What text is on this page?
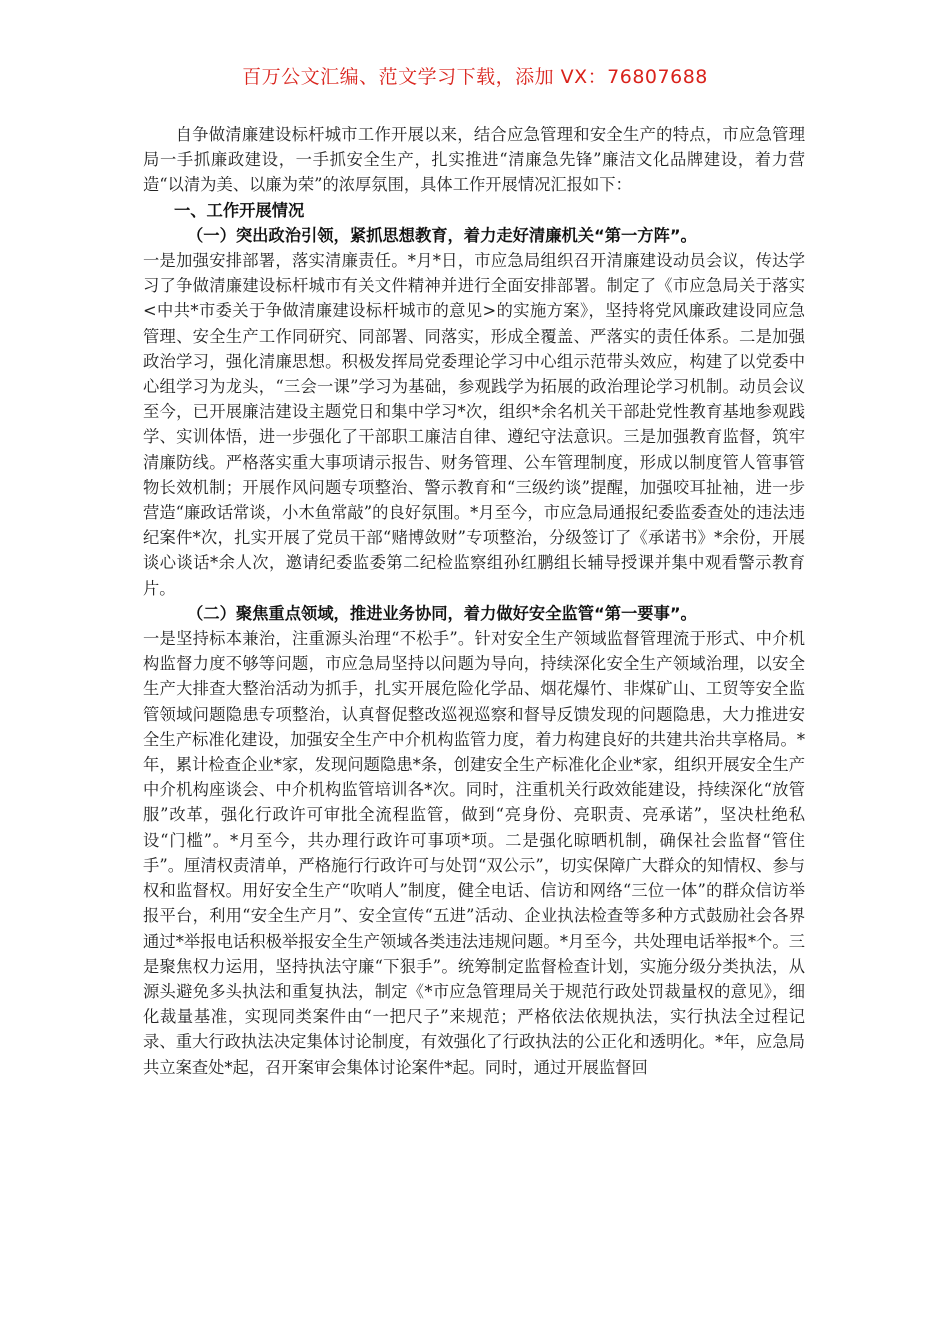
百万公文汇编、范文学习下载，添加 VX：76807688

自争做清廉建设标杆城市工作开展以来，结合应急管理和安全生产的特点，市应急管理局一手抓廉政建设，一手抓安全生产，扎实推进“清廉急先锋”廉洁文化品牌建设，着力营造“以清为美、以廉为荣”的浓厚氛围，具体工作开展情况汇报如下：

一、工作开展情况

（一）突出政治引领，紧抓思想教育，着力走好清廉机关“第一方阵”。

一是加强安排部署，落实清廉责任。*月*日，市应急局组织召开清廉建设动员会议，传达学习了争做清廉建设标杆城市有关文件精神并进行全面安排部署。制定了《市应急局关于落实<中共*市委关于争做清廉建设标杆城市的意见>的实施方案》，坚持将党风廉政建设同应急管理、安全生产工作同研究、同部署、同落实，形成全覆盖、严落实的责任体系。二是加强政治学习，强化清廉思想。积极发挥局党委理论学习中心组示范带头效应，构建了以党委中心组学习为龙头，“三会一课”学习为基础，参观践学为拓展的政治理论学习机制。动员会议至今，已开展廉洁建设主题党日和集中学习*次，组织*余名机关干部赴党性教育基地参观践学、实训体悟，进一步强化了干部职工廉洁自律、遵纪守法意识。三是加强教育监督，筑牢清廉防线。严格落实重大事项请示报告、财务管理、公车管理制度，形成以制度管人管事管物长效机制；开展作风问题专项整治、警示教育和“三级约谈”提醒，加强咬耳扯袖，进一步营造“廉政话常谈，小木鱼常敲”的良好氛围。*月至今，市应急局通报纪委监委查处的违法违纪案件*次，扎实开展了党员干部“赌博敛财”专项整治，分级签订了《承诺书》*余份，开展谈心谈话*余人次，邀请纪委监委第二纪检监察组孙红鹏组长辅导授课并集中观看警示教育片。

（二）聚焦重点领域，推进业务协同，着力做好安全监管“第一要事”。

一是坚持标本兼治，注重源头治理“不松手”。针对安全生产领域监督管理流于形式、中介机构监督力度不够等问题，市应急局坚持以问题为导向，持续深化安全生产领域治理，以安全生产大排查大整治活动为抓手，扎实开展危险化学品、烟花爆竹、非煤矿山、工贸等安全监管领域问题隐患专项整治，认真督促整改巡视巡察和督导反馈发现的问题隐患，大力推进安全生产标准化建设，加强安全生产中介机构监管力度，着力构建良好的共建共治共享格局。*年，累计检查企业*家，发现问题隐患*条，创建安全生产标准化企业*家，组织开展安全生产中介机构座谈会、中介机构监管培训各*次。同时，注重机关行政效能建设，持续深化“放管服”改革，强化行政许可审批全流程监管，做到“亮身份、亮职责、亮承诺”，坚决杜绝私设“门槛”。*月至今，共办理行政许可事项*项。二是强化晾晒机制，确保社会监督“管住手”。厘清权责清单，严格施行行政许可与处罚“双公示”，切实保障广大群众的知情权、参与权和监督权。用好安全生产“吹哨人”制度，健全电话、信访和网络“三位一体”的群众信访举报平台，利用“安全生产月”、安全宣传“五进”活动、企业执法检查等多种方式鼓励社会各界通过*举报电话积极举报安全生产领域各类违法违规问题。*月至今，共处理电话举报*个。三是聚焦权力运用，坚持执法守廉“下狠手”。统筹制定监督检查计划，实施分级分类执法，从源头避免多头执法和重复执法，制定《*市应急管理局关于规范行政处罚裁量权的意见》，细化裁量基准，实现同类案件由“一把尺子”来规范；严格依法依规执法，实行执法全过程记录、重大行政执法决定集体讨论制度，有效强化了行政执法的公正化和透明化。*年，应急局共立案查处*起，召开案审会集体讨论案件*起。同时，通过开展监督回
